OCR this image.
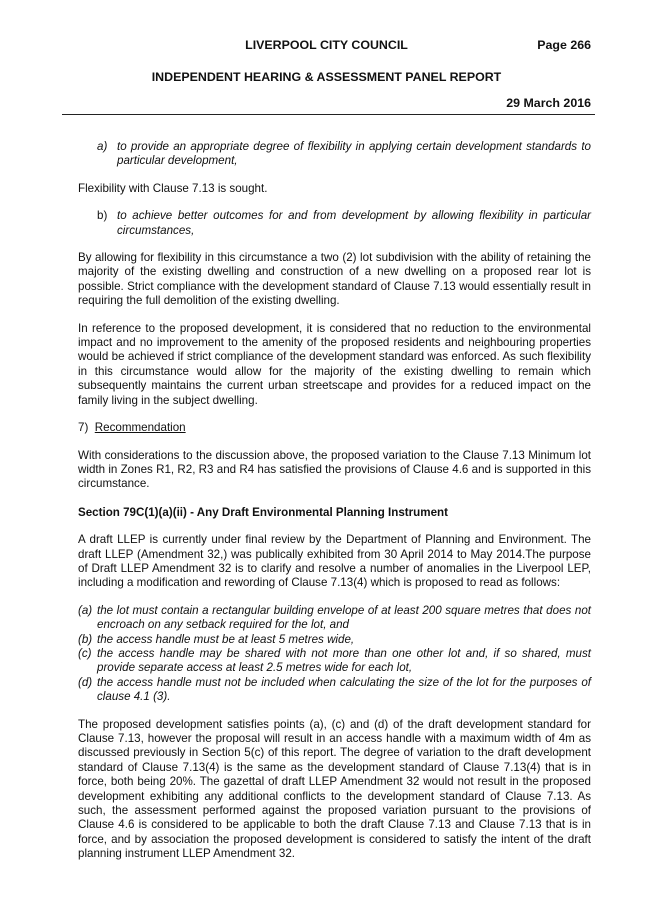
LIVERPOOL CITY COUNCIL	Page 266
INDEPENDENT HEARING & ASSESSMENT PANEL REPORT
29 March 2016
a) to provide an appropriate degree of flexibility in applying certain development standards to particular development,

Flexibility with Clause 7.13 is sought.

b) to achieve better outcomes for and from development by allowing flexibility in particular circumstances,

By allowing for flexibility in this circumstance a two (2) lot subdivision with the ability of retaining the majority of the existing dwelling and construction of a new dwelling on a proposed rear lot is possible. Strict compliance with the development standard of Clause 7.13 would essentially result in requiring the full demolition of the existing dwelling.

In reference to the proposed development, it is considered that no reduction to the environmental impact and no improvement to the amenity of the proposed residents and neighbouring properties would be achieved if strict compliance of the development standard was enforced. As such flexibility in this circumstance would allow for the majority of the existing dwelling to remain which subsequently maintains the current urban streetscape and provides for a reduced impact on the family living in the subject dwelling.

7) Recommendation

With considerations to the discussion above, the proposed variation to the Clause 7.13 Minimum lot width in Zones R1, R2, R3 and R4 has satisfied the provisions of Clause 4.6 and is supported in this circumstance.

Section 79C(1)(a)(ii) - Any Draft Environmental Planning Instrument

A draft LLEP is currently under final review by the Department of Planning and Environment. The draft LLEP (Amendment 32,) was publically exhibited from 30 April 2014 to May 2014.The purpose of Draft LLEP Amendment 32 is to clarify and resolve a number of anomalies in the Liverpool LEP, including a modification and rewording of Clause 7.13(4) which is proposed to read as follows:

(a) the lot must contain a rectangular building envelope of at least 200 square metres that does not encroach on any setback required for the lot, and
(b) the access handle must be at least 5 metres wide,
(c) the access handle may be shared with not more than one other lot and, if so shared, must provide separate access at least 2.5 metres wide for each lot,
(d) the access handle must not be included when calculating the size of the lot for the purposes of clause 4.1 (3).

The proposed development satisfies points (a), (c) and (d) of the draft development standard for Clause 7.13, however the proposal will result in an access handle with a maximum width of 4m as discussed previously in Section 5(c) of this report. The degree of variation to the draft development standard of Clause 7.13(4) is the same as the development standard of Clause 7.13(4) that is in force, both being 20%. The gazettal of draft LLEP Amendment 32 would not result in the proposed development exhibiting any additional conflicts to the development standard of Clause 7.13. As such, the assessment performed against the proposed variation pursuant to the provisions of Clause 4.6 is considered to be applicable to both the draft Clause 7.13 and Clause 7.13 that is in force, and by association the proposed development is considered to satisfy the intent of the draft planning instrument LLEP Amendment 32.
